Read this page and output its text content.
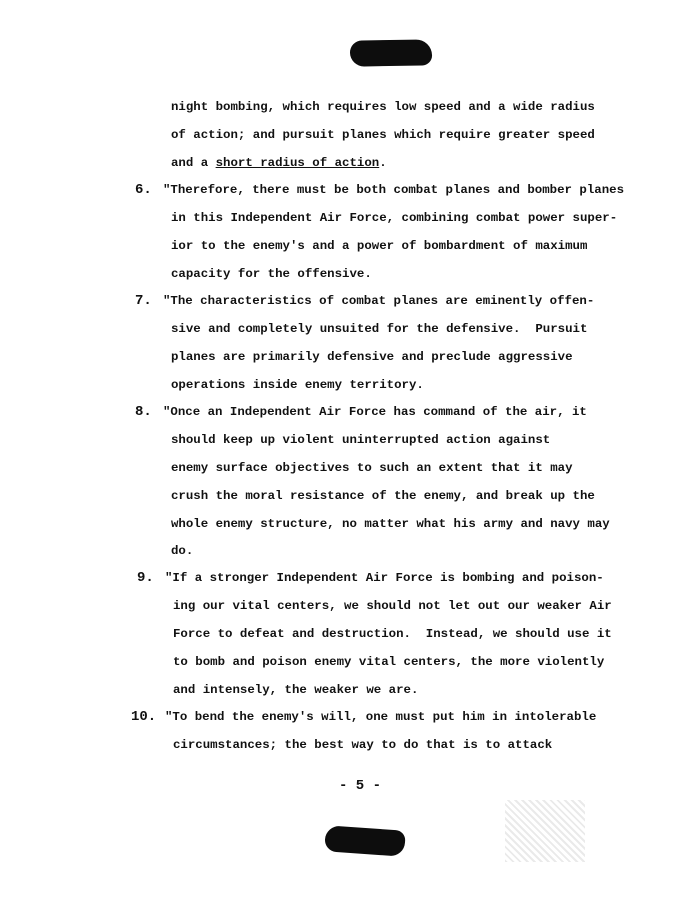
night bombing, which requires low speed and a wide radius
of action; and pursuit planes which require greater speed
and a short radius of action.
6. "Therefore, there must be both combat planes and bomber planes
in this Independent Air Force, combining combat power super-
ior to the enemy's and a power of bombardment of maximum
capacity for the offensive.
7. "The characteristics of combat planes are eminently offen-
sive and completely unsuited for the defensive.  Pursuit
planes are primarily defensive and preclude aggressive
operations inside enemy territory.
8. "Once an Independent Air Force has command of the air, it
should keep up violent uninterrupted action against
enemy surface objectives to such an extent that it may
crush the moral resistance of the enemy, and break up the
whole enemy structure, no matter what his army and navy may
do.
9. "If a stronger Independent Air Force is bombing and poison-
ing our vital centers, we should not let out our weaker Air
Force to defeat and destruction.  Instead, we should use it
to bomb and poison enemy vital centers, the more violently
and intensely, the weaker we are.
10. "To bend the enemy's will, one must put him in intolerable
circumstances; the best way to do that is to attack
- 5 -
